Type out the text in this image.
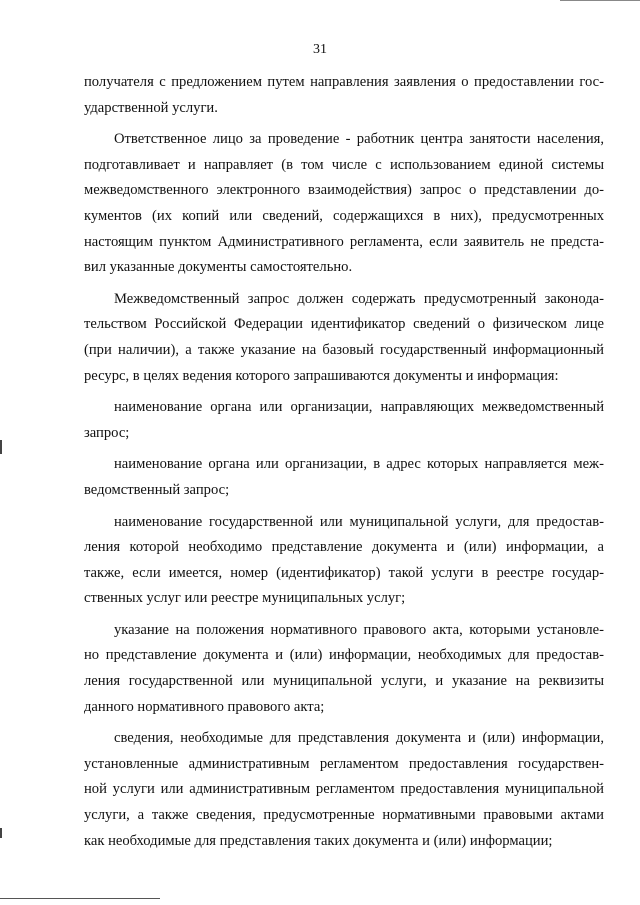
31

получателя с предложением путем направления заявления о предоставлении гос-
ударственной услуги.

Ответственное лицо за проведение - работник центра занятости населения,
подготавливает и направляет (в том числе с использованием единой системы
межведомственного электронного взаимодействия) запрос о представлении до-
кументов (их копий или сведений, содержащихся в них), предусмотренных
настоящим пунктом Административного регламента, если заявитель не предста-
вил указанные документы самостоятельно.

Межведомственный запрос должен содержать предусмотренный законода-
тельством Российской Федерации идентификатор сведений о физическом лице
(при наличии), а также указание на базовый государственный информационный
ресурс, в целях ведения которого запрашиваются документы и информация:

наименование органа или организации, направляющих межведомственный
запрос;

наименование органа или организации, в адрес которых направляется меж-
ведомственный запрос;

наименование государственной или муниципальной услуги, для предостав-
ления которой необходимо представление документа и (или) информации, а
также, если имеется, номер (идентификатор) такой услуги в реестре государ-
ственных услуг или реестре муниципальных услуг;

указание на положения нормативного правового акта, которыми установле-
но представление документа и (или) информации, необходимых для предостав-
ления государственной или муниципальной услуги, и указание на реквизиты
данного нормативного правового акта;

сведения, необходимые для представления документа и (или) информации,
установленные административным регламентом предоставления государствен-
ной услуги или административным регламентом предоставления муниципальной
услуги, а также сведения, предусмотренные нормативными правовыми актами
как необходимые для представления таких документа и (или) информации;
